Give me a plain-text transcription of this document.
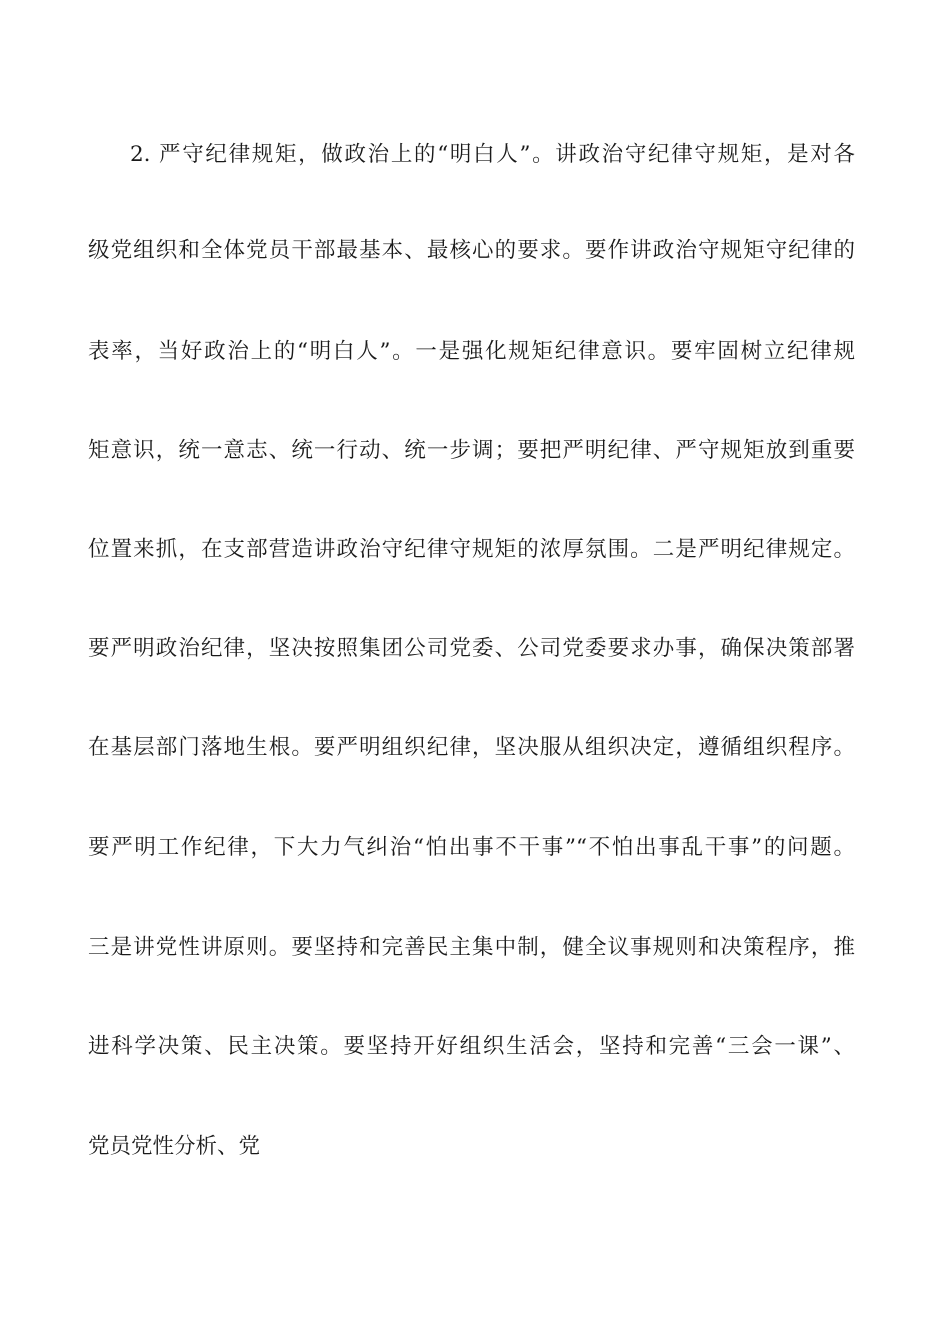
2. 严守纪律规矩，做政治上的“明白人”。讲政治守纪律守规矩，是对各
级党组织和全体党员干部最基本、最核心的要求。要作讲政治守规矩守纪律的
表率，当好政治上的“明白人”。一是强化规矩纪律意识。要牢固树立纪律规
矩意识，统一意志、统一行动、统一步调；要把严明纪律、严守规矩放到重要
位置来抓，在支部营造讲政治守纪律守规矩的浓厚氛围。二是严明纪律规定。
要严明政治纪律，坚决按照集团公司党委、公司党委要求办事，确保决策部署
在基层部门落地生根。要严明组织纪律，坚决服从组织决定，遵循组织程序。
要严明工作纪律，下大力气纠治“怕出事不干事”“不怕出事乱干事”的问题。
三是讲党性讲原则。要坚持和完善民主集中制，健全议事规则和决策程序，推
进科学决策、民主决策。要坚持开好组织生活会，坚持和完善“三会一课”、
党员党性分析、党
